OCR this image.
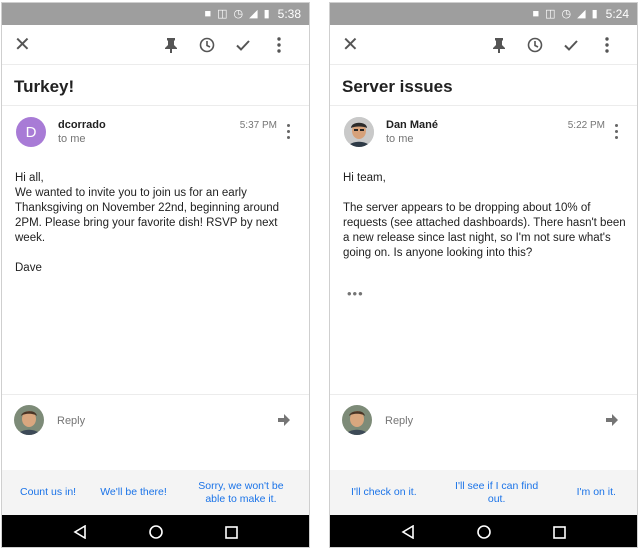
■ ◫ ◷ ◢ ▮ 5:38
✕
Turkey!
D dcorrado
to me
5:37 PM
Hi all,
We wanted to invite you to join us for an early Thanksgiving on November 22nd, beginning around 2PM. Please bring your favorite dish! RSVP by next week.

Dave
Reply
Count us in! We'll be there!
Sorry, we won't be able to make it.
■ ◫ ◷ ◢ ▮ 5:24
✕
Server issues
Dan Mané
to me
5:22 PM
Hi team,

The server appears to be dropping about 10% of requests (see attached dashboards). There hasn't been a new release since last night, so I'm not sure what's going on. Is anyone looking into this?
•••
Reply
I'll check on it.
I'll see if I can find out.
I'm on it.
